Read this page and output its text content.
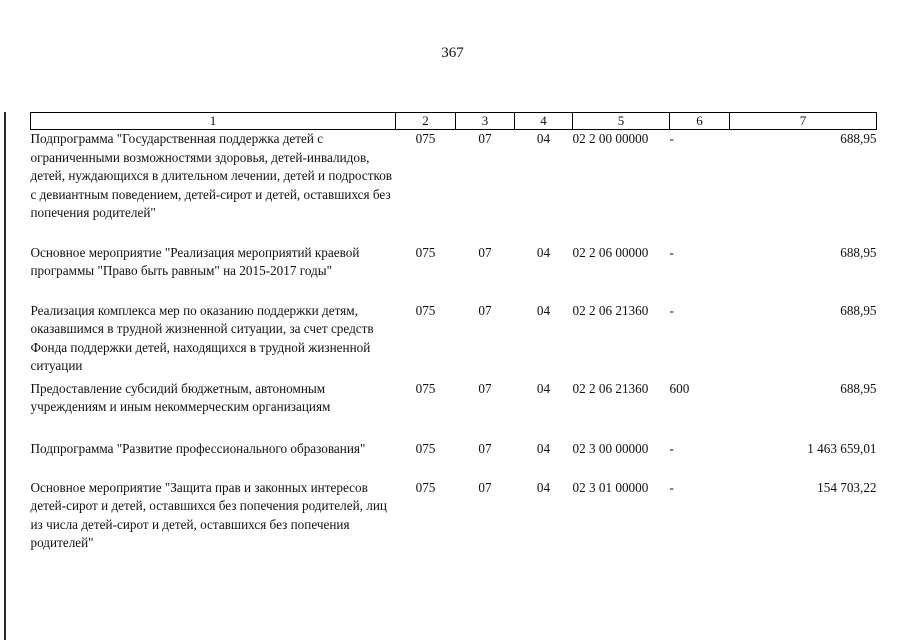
367
1	2	3	4	5	6	7
Подпрограмма "Государственная поддержка детей с ограниченными возможностями здоровья, детей-инвалидов, детей, нуждающихся в длительном лечении, детей и подростков с девиантным поведением, детей-сирот и детей, оставшихся без попечения родителей"	075	07	04	02 2 00 00000	-	688,95
Основное мероприятие "Реализация мероприятий краевой программы "Право быть равным" на 2015-2017 годы"	075	07	04	02 2 06 00000	-	688,95
Реализация комплекса мер по оказанию поддержки детям, оказавшимся в трудной жизненной ситуации, за счет средств Фонда поддержки детей, находящихся в трудной жизненной ситуации	075	07	04	02 2 06 21360	-	688,95
Предоставление субсидий бюджетным, автономным учреждениям и иным некоммерческим организациям	075	07	04	02 2 06 21360	600	688,95
Подпрограмма "Развитие профессионального образования"	075	07	04	02 3 00 00000	-	1 463 659,01
Основное мероприятие "Защита прав и законных интересов детей-сирот и детей, оставшихся без попечения родителей, лиц из числа детей-сирот и детей, оставшихся без попечения родителей"	075	07	04	02 3 01 00000	-	154 703,22
